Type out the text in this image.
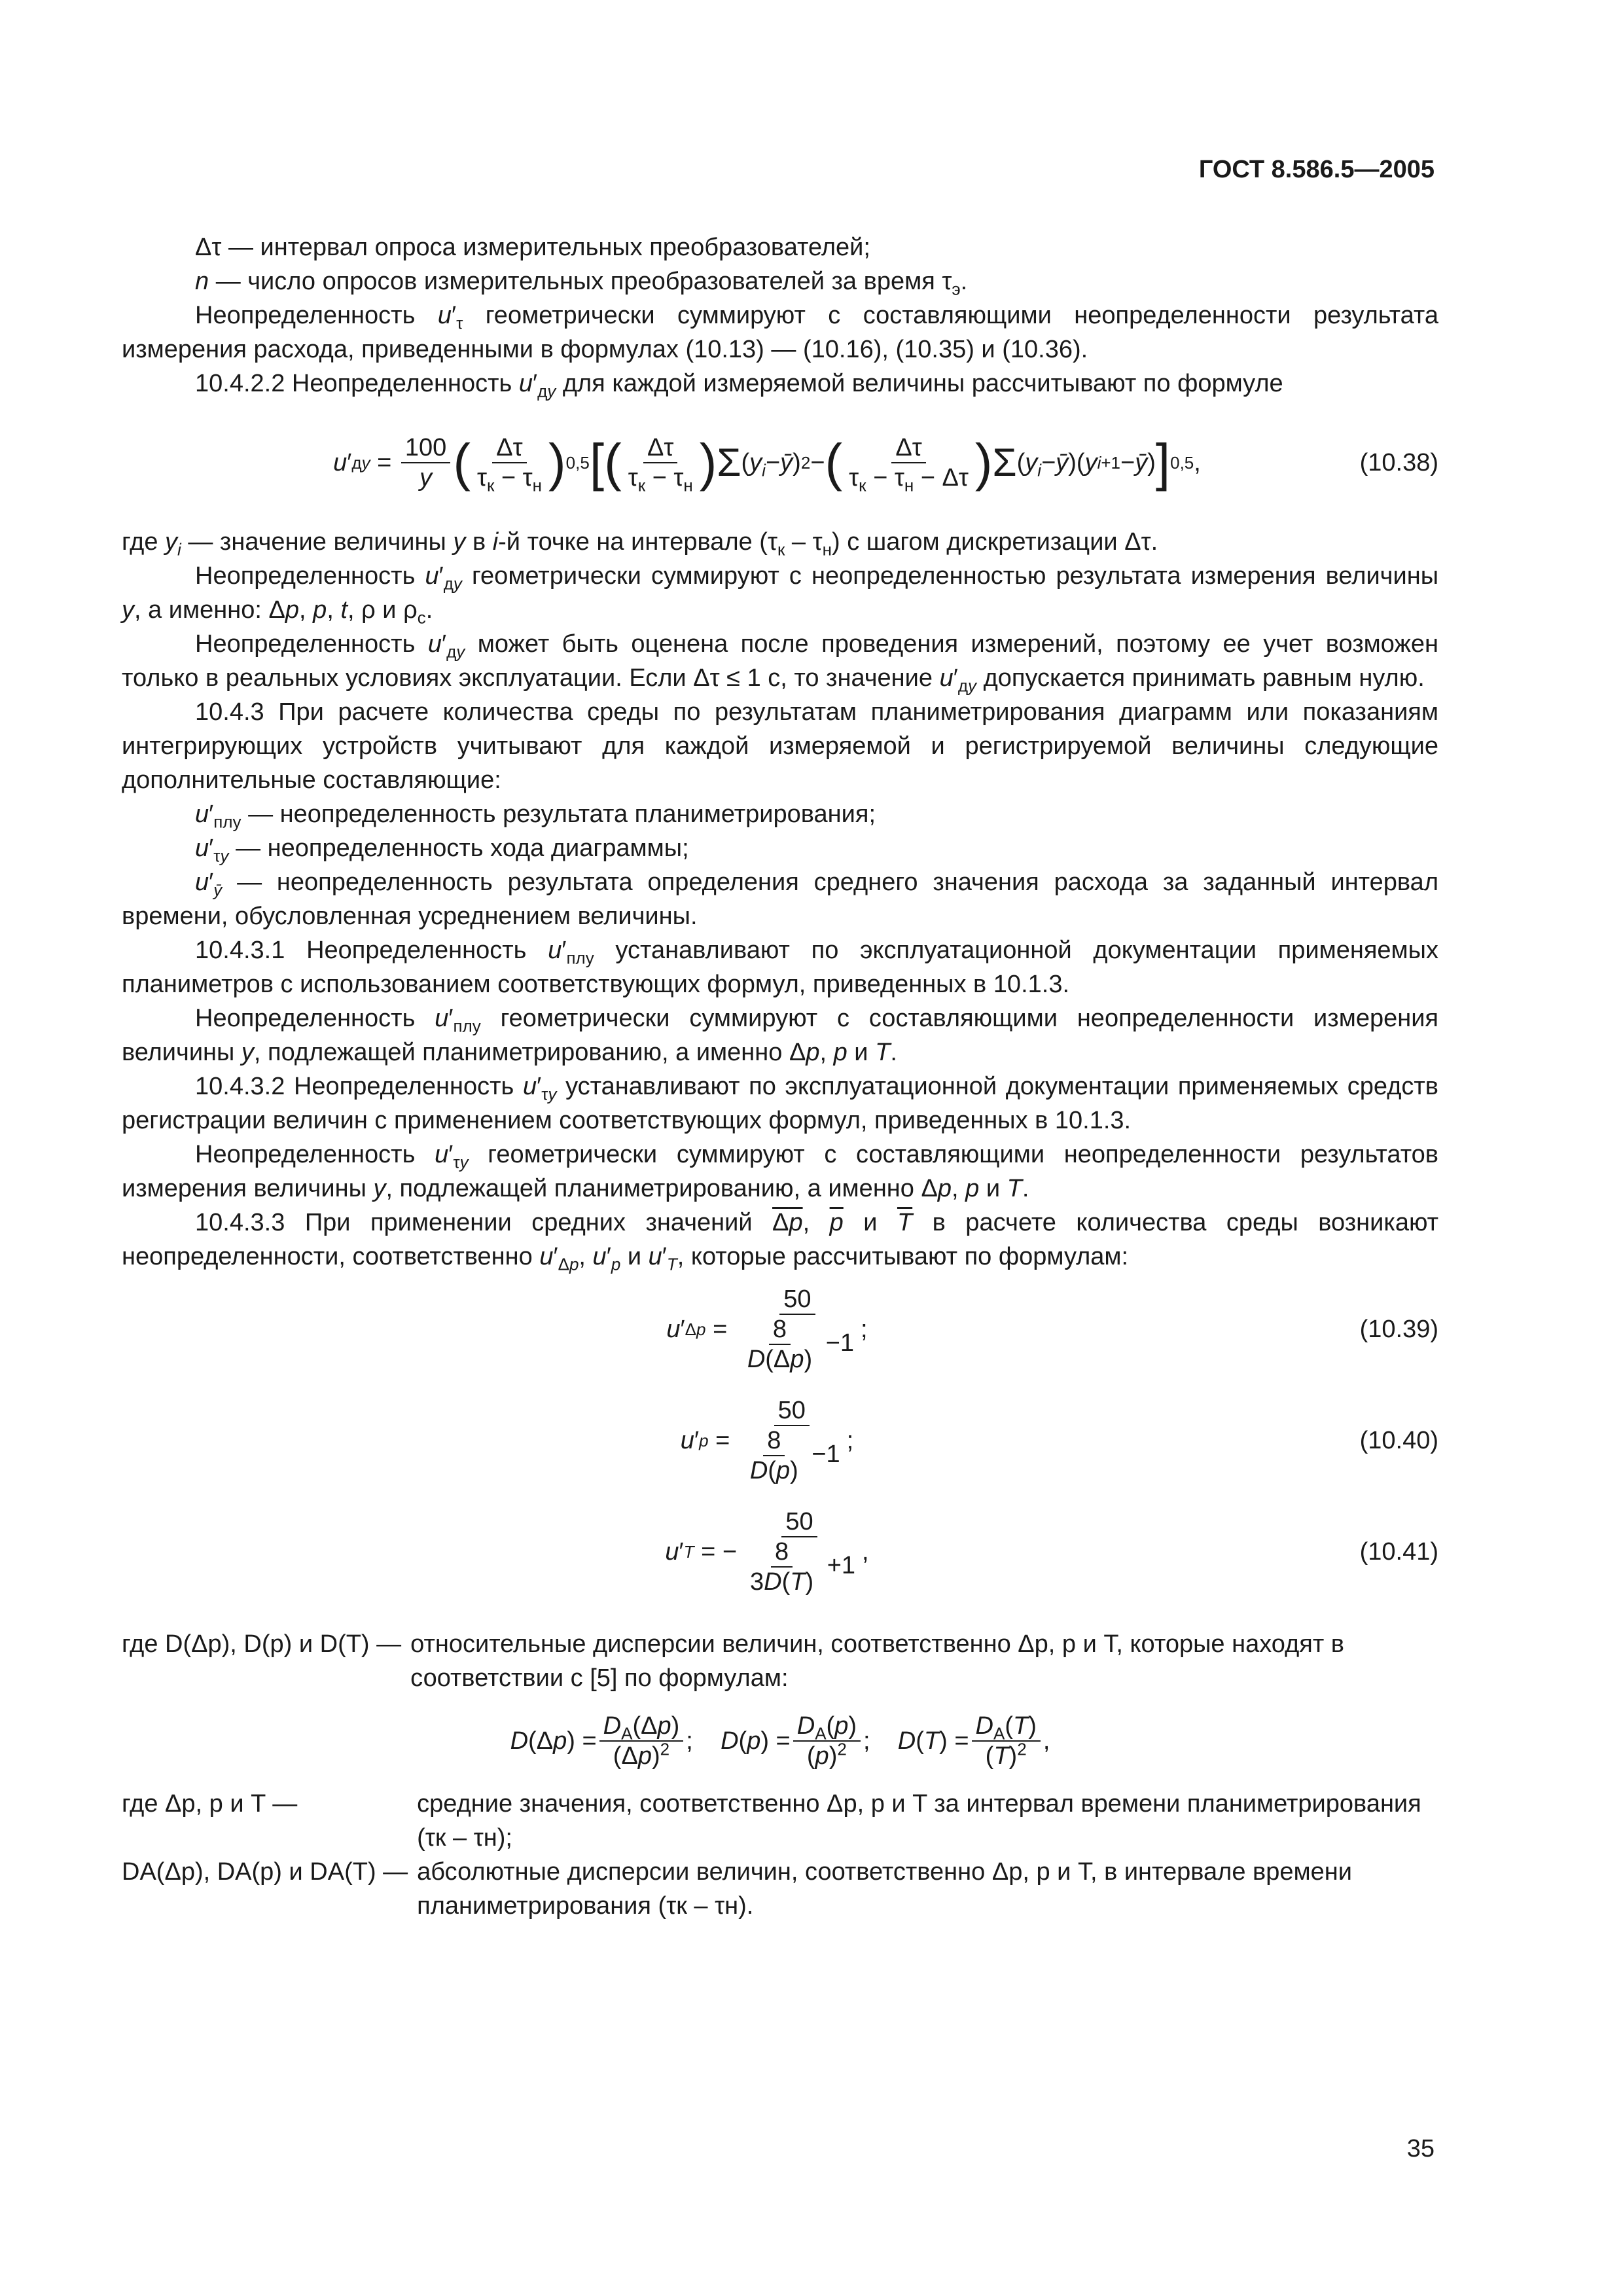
ГОСТ 8.586.5—2005

Δτ — интервал опроса измерительных преобразователей;

n — число опросов измерительных преобразователей за время $\tau_э$.

Неопределенность $u'_\tau$ геометрически суммируют с составляющими неопределенности результата измерения расхода, приведенными в формулах (10.13) — (10.16), (10.35) и (10.36).

10.4.2.2 Неопределенность $u'_{дy}$ для каждой измеряемой величины рассчитывают по формуле

u ′ дy = $\frac{100}{y}$ ( $\frac{\Delta\tau}{\tau_к - \tau_н}$ ) 0,5 [ ( $\frac{\Delta\tau}{\tau_к - \tau_н}$ ) Σ ( $y_i$ − ȳ ) 2 − ( $\frac{\Delta\tau}{\tau_к - \tau_н - \Delta\tau}$ ) Σ ( $y_i$ − ȳ )( y i+1 − ȳ ) ] 0,5 ,	(10.38)

где $y_i$ — значение величины y в i-й точке на интервале $(\tau_к - \tau_н)$ с шагом дискретизации Δτ.

Неопределенность $u'_{дy}$ геометрически суммируют с неопределенностью результата измерения величины y, а именно: Δp, p, t, ρ и $\rho_с$.

Неопределенность $u'_{дy}$ может быть оценена после проведения измерений, поэтому ее учет возможен только в реальных условиях эксплуатации. Если Δτ ≤ 1 с, то значение $u'_{дy}$ допускается принимать равным нулю.

10.4.3 При расчете количества среды по результатам планиметрирования диаграмм или показаниям интегрирующих устройств учитывают для каждой измеряемой и регистрируемой величины следующие дополнительные составляющие:

$u'_{плу}$ — неопределенность результата планиметрирования;

$u'_{\tau y}$ — неопределенность хода диаграммы;

$u'_ȳ$ — неопределенность результата определения среднего значения расхода за заданный интервал времени, обусловленная усреднением величины.

10.4.3.1 Неопределенность $u'_{плу}$ устанавливают по эксплуатационной документации применяемых планиметров с использованием соответствующих формул, приведенных в 10.1.3.

Неопределенность $u'_{плу}$ геометрически суммируют с составляющими неопределенности измерения величины y, подлежащей планиметрированию, а именно Δp, p и T.

10.4.3.2 Неопределенность $u'_{\tau y}$ устанавливают по эксплуатационной документации применяемых средств регистрации величин с применением соответствующих формул, приведенных в 10.1.3.

Неопределенность $u'_{\tau y}$ геометрически суммируют с составляющими неопределенности результатов измерения величины y, подлежащей планиметрированию, а именно Δp, p и T.

10.4.3.3 При применении средних значений Δp, $\overline{p}$ и $\overline{T}$ в расчете количества среды возникают неопределенности, соответственно $u'_{\Delta p}$, $u'_p$ и $u'_T$, которые рассчитывают по формулам:

u ′ $\Delta p = \frac{50}{\frac{8}{D(\Delta p)} -1}$ ;	(10.39)
u ′ $p = \frac{50}{\frac{8}{D(p)} -1}$ ;	(10.40)
u ′ T = − $\frac{50}{\frac{8}{3D(T)} +1}$ ,	(10.41)
где D(Δp), D(p) и D(T) — относительные дисперсии величин, соответственно Δp, p и T, которые находят в соответствии с [5] по формулам:
D (Δ p ) = $\frac{D_A(\Delta p)}{(\Delta p)^2}$ ; D ( p ) = $\frac{D_A(p)}{(p)^2}$ ; D ( T ) = $\frac{D_A(T)}{(T)^2}$ ,
где Δp, p и T —	средние значения, соответственно Δp, p и T за интервал времени планиметрирования (τк – τн);
DA(Δp), DA(p) и DA(T) — абсолютные дисперсии величин, соответственно Δp, p и T, в интервале времени планиметрирования (τк – τн).
35
